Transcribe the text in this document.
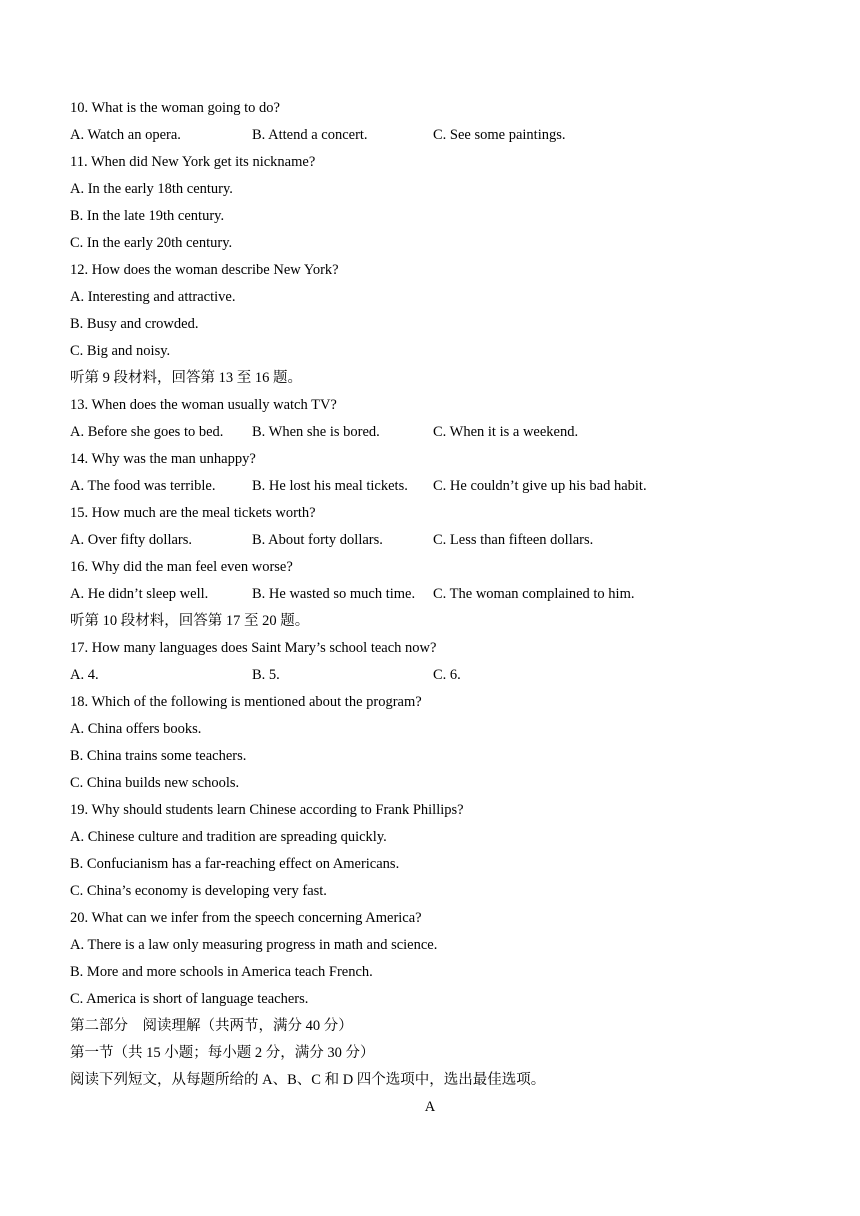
10. What is the woman going to do?
A. Watch an opera.	B. Attend a concert.	C. See some paintings.
11. When did New York get its nickname?
A. In the early 18th century.
B. In the late 19th century.
C. In the early 20th century.
12. How does the woman describe New York?
A. Interesting and attractive.
B. Busy and crowded.
C. Big and noisy.
听第 9 段材料，回答第 13 至 16 题。
13. When does the woman usually watch TV?
A. Before she goes to bed.	B. When she is bored.	C. When it is a weekend.
14. Why was the man unhappy?
A. The food was terrible.	B. He lost his meal tickets.	C. He couldn’t give up his bad habit.
15. How much are the meal tickets worth?
A. Over fifty dollars.	B. About forty dollars.	C. Less than fifteen dollars.
16. Why did the man feel even worse?
A. He didn’t sleep well.	B. He wasted so much time.	C. The woman complained to him.
听第 10 段材料，回答第 17 至 20 题。
17. How many languages does Saint Mary’s school teach now?
A. 4.	B. 5.	C. 6.
18. Which of the following is mentioned about the program?
A. China offers books.
B. China trains some teachers.
C. China builds new schools.
19. Why should students learn Chinese according to Frank Phillips?
A. Chinese culture and tradition are spreading quickly.
B. Confucianism has a far-reaching effect on Americans.
C. China’s economy is developing very fast.
20. What can we infer from the speech concerning America?
A. There is a law only measuring progress in math and science.
B. More and more schools in America teach French.
C. America is short of language teachers.
第二部分　阅读理解（共两节，满分 40 分）
第一节（共 15 小题；每小题 2 分，满分 30 分）
阅读下列短文，从每题所给的 A、B、C 和 D 四个选项中，选出最佳选项。
A
